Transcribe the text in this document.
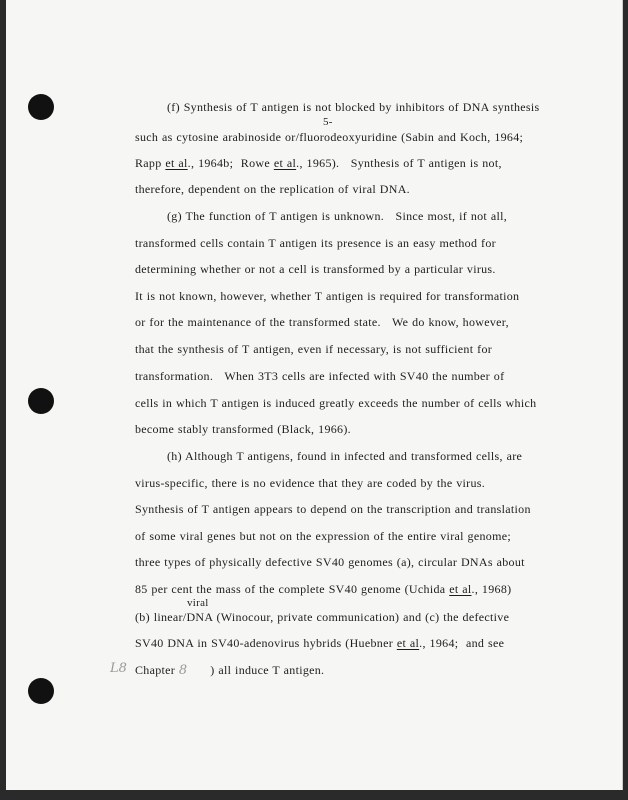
(f) Synthesis of T antigen is not blocked by inhibitors of DNA synthesis
such as cytosine arabinoside or/fluorodeoxyuridine (Sabin and Koch, 1964;
Rapp et al., 1964b;  Rowe et al., 1965).   Synthesis of T antigen is not,
therefore, dependent on the replication of viral DNA.
(g) The function of T antigen is unknown.   Since most, if not all,
transformed cells contain T antigen its presence is an easy method for
determining whether or not a cell is transformed by a particular virus.
It is not known, however, whether T antigen is required for transformation
or for the maintenance of the transformed state.   We do know, however,
that the synthesis of T antigen, even if necessary, is not sufficient for
transformation.   When 3T3 cells are infected with SV40 the number of
cells in which T antigen is induced greatly exceeds the number of cells which
become stably transformed (Black, 1966).
(h) Although T antigens, found in infected and transformed cells, are
virus-specific, there is no evidence that they are coded by the virus.
Synthesis of T antigen appears to depend on the transcription and translation
of some viral genes but not on the expression of the entire viral genome;
three types of physically defective SV40 genomes (a), circular DNAs about
85 per cent the mass of the complete SV40 genome (Uchida et al., 1968)
(b) linear/DNA (Winocour, private communication) and (c) the defective
SV40 DNA in SV40-adenovirus hybrids (Huebner et al., 1964;  and see
Chapter 8      ) all induce T antigen.
5-
viral
L8
